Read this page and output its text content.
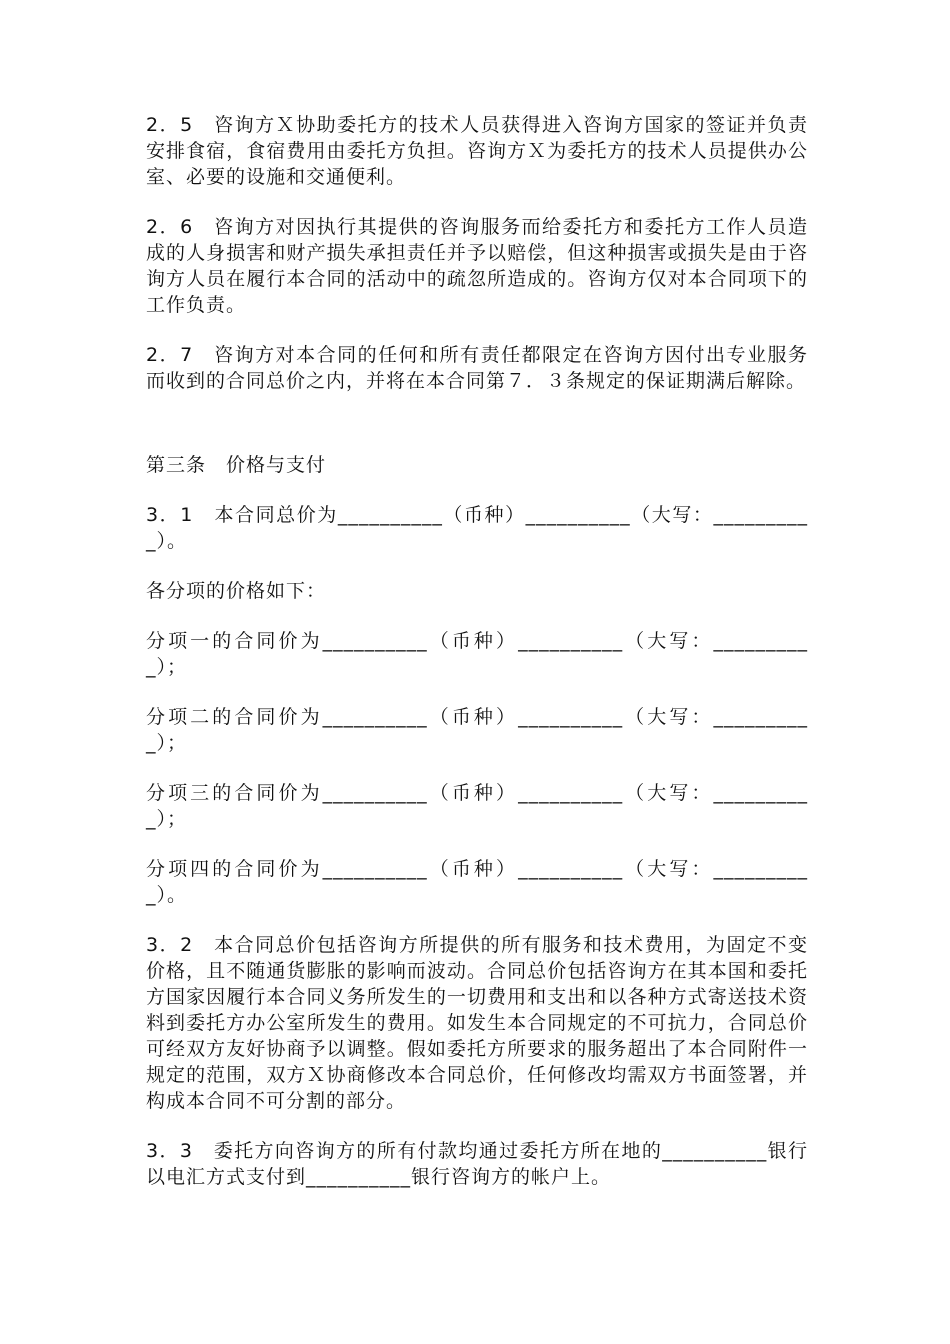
2．5　咨询方Ｘ协助委托方的技术人员获得进入咨询方国家的签证并负责安排食宿，食宿费用由委托方负担。咨询方Ｘ为委托方的技术人员提供办公室、必要的设施和交通便利。

2．6　咨询方对因执行其提供的咨询服务而给委托方和委托方工作人员造成的人身损害和财产损失承担责任并予以赔偿，但这种损害或损失是由于咨询方人员在履行本合同的活动中的疏忽所造成的。咨询方仅对本合同项下的工作负责。

2．7　咨询方对本合同的任何和所有责任都限定在咨询方因付出专业服务而收到的合同总价之内，并将在本合同第７．３条规定的保证期满后解除。

第三条　价格与支付

3．1　本合同总价为__________（币种）__________（大写：__________）。

各分项的价格如下：

分项一的合同价为__________（币种）__________（大写：__________）；

分项二的合同价为__________（币种）__________（大写：__________）；

分项三的合同价为__________（币种）__________（大写：__________）；

分项四的合同价为__________（币种）__________（大写：__________）。

3．2　本合同总价包括咨询方所提供的所有服务和技术费用，为固定不变价格，且不随通货膨胀的影响而波动。合同总价包括咨询方在其本国和委托方国家因履行本合同义务所发生的一切费用和支出和以各种方式寄送技术资料到委托方办公室所发生的费用。如发生本合同规定的不可抗力，合同总价可经双方友好协商予以调整。假如委托方所要求的服务超出了本合同附件一规定的范围，双方Ｘ协商修改本合同总价，任何修改均需双方书面签署，并构成本合同不可分割的部分。

3．3　委托方向咨询方的所有付款均通过委托方所在地的__________银行以电汇方式支付到__________银行咨询方的帐户上。
